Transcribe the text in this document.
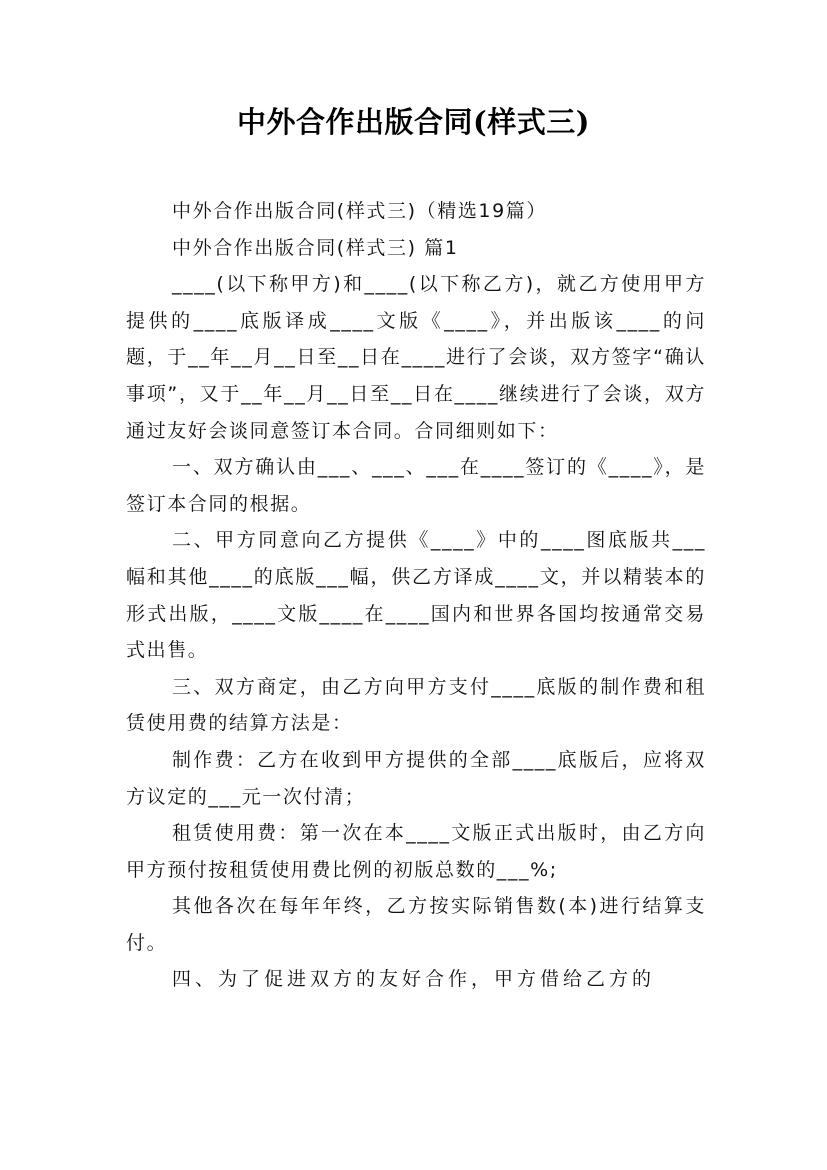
中外合作出版合同(样式三)

中外合作出版合同(样式三)（精选19篇）

中外合作出版合同(样式三) 篇1

____(以下称甲方)和____(以下称乙方)，就乙方使用甲方提供的____底版译成____文版《____》，并出版该____的问题，于__年__月__日至__日在____进行了会谈，双方签字“确认事项”，又于__年__月__日至__日在____继续进行了会谈，双方通过友好会谈同意签订本合同。合同细则如下：

一、双方确认由___、___、___在____签订的《____》，是签订本合同的根据。

二、甲方同意向乙方提供《____》中的____图底版共___幅和其他____的底版___幅，供乙方译成____文，并以精装本的形式出版，____文版____在____国内和世界各国均按通常交易式出售。

三、双方商定，由乙方向甲方支付____底版的制作费和租赁使用费的结算方法是：

制作费：乙方在收到甲方提供的全部____底版后，应将双方议定的___元一次付清；

租赁使用费：第一次在本____文版正式出版时，由乙方向甲方预付按租赁使用费比例的初版总数的___%;

其他各次在每年年终，乙方按实际销售数(本)进行结算支付。

四、为了促进双方的友好合作，甲方借给乙方的
